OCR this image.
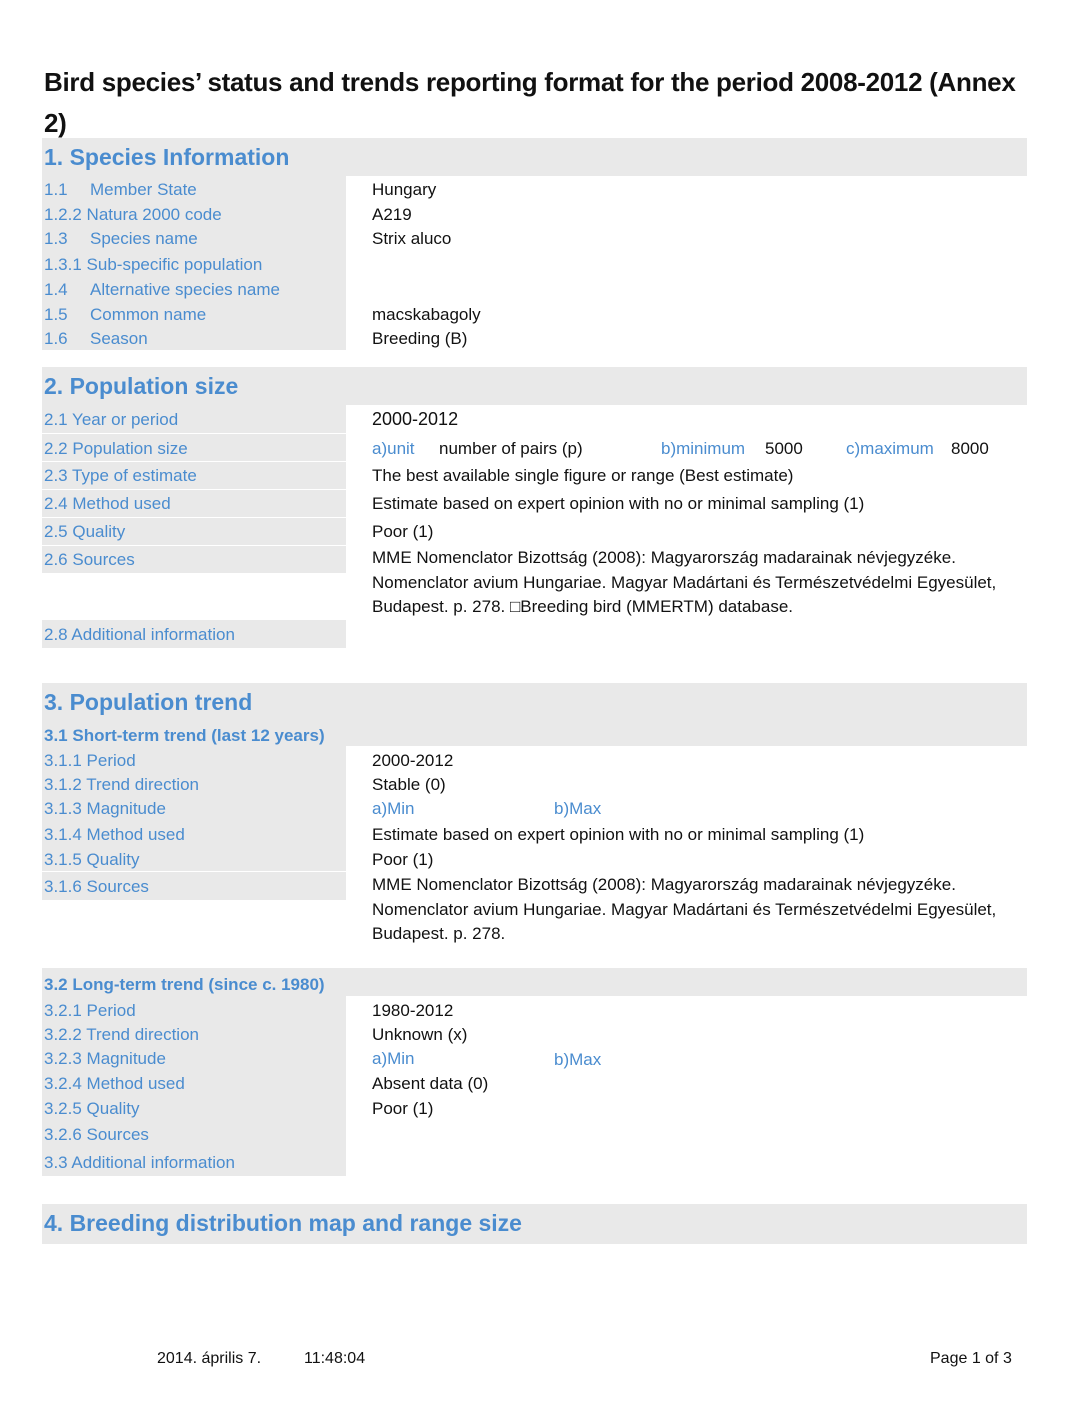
Bird species’ status and trends reporting format for the period 2008-2012 (Annex 2)
1. Species Information
1.1 Member State	Hungary
1.2.2 Natura 2000 code	A219
1.3 Species name	Strix aluco
1.3.1 Sub-specific population
1.4 Alternative species name
1.5 Common name	macskabagoly
1.6 Season	Breeding (B)
2. Population size
2.1 Year or period	2000-2012
2.2 Population size	a)unit number of pairs (p)	b)minimum 5000	c)maximum 8000
2.3 Type of estimate	The best available single figure or range (Best estimate)
2.4 Method used	Estimate based on expert opinion with no or minimal sampling (1)
2.5 Quality	Poor (1)
2.6 Sources	MME Nomenclator Bizottság (2008): Magyarország madarainak névjegyzéke. Nomenclator avium Hungariae. Magyar Madártani és Természetvédelmi Egyesület, Budapest. p. 278. □Breeding bird (MMERTM) database.
2.8 Additional information
3. Population trend
3.1 Short-term trend (last 12 years)
3.1.1 Period	2000-2012
3.1.2 Trend direction	Stable (0)
3.1.3 Magnitude	a)Min	b)Max
3.1.4 Method used	Estimate based on expert opinion with no or minimal sampling (1)
3.1.5 Quality	Poor (1)
3.1.6 Sources	MME Nomenclator Bizottság (2008): Magyarország madarainak névjegyzéke. Nomenclator avium Hungariae. Magyar Madártani és Természetvédelmi Egyesület, Budapest. p. 278.
3.2 Long-term trend (since c. 1980)
3.2.1 Period	1980-2012
3.2.2 Trend direction	Unknown (x)
3.2.3 Magnitude	a)Min	b)Max
3.2.4 Method used	Absent data (0)
3.2.5 Quality	Poor (1)
3.2.6 Sources
3.3 Additional information
4. Breeding distribution map and range size
2014. április 7.	11:48:04	Page 1 of 3
